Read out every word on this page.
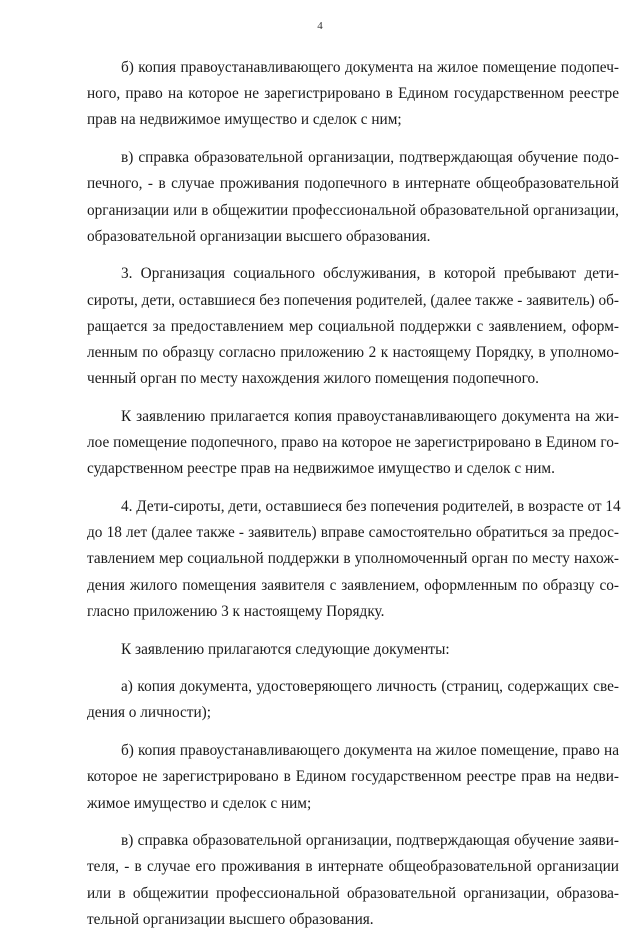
4

б) копия правоустанавливающего документа на жилое помещение подопеч-
ного, право на которое не зарегистрировано в Едином государственном реестре
прав на недвижимое имущество и сделок с ним;

в) справка образовательной организации, подтверждающая обучение подо-
печного, - в случае проживания подопечного в интернате общеобразовательной
организации или в общежитии профессиональной образовательной организации,
образовательной организации высшего образования.

3. Организация социального обслуживания, в которой пребывают дети-
сироты, дети, оставшиеся без попечения родителей, (далее также - заявитель) об-
ращается за предоставлением мер социальной поддержки с заявлением, оформ-
ленным по образцу согласно приложению 2 к настоящему Порядку, в уполномо-
ченный орган по месту нахождения жилого помещения подопечного.

К заявлению прилагается копия правоустанавливающего документа на жи-
лое помещение подопечного, право на которое не зарегистрировано в Едином го-
сударственном реестре прав на недвижимое имущество и сделок с ним.

4. Дети-сироты, дети, оставшиеся без попечения родителей, в возрасте от 14
до 18 лет (далее также - заявитель) вправе самостоятельно обратиться за предос-
тавлением мер социальной поддержки в уполномоченный орган по месту нахож-
дения жилого помещения заявителя с заявлением, оформленным по образцу со-
гласно приложению 3 к настоящему Порядку.

К заявлению прилагаются следующие документы:

а) копия документа, удостоверяющего личность (страниц, содержащих све-
дения о личности);

б) копия правоустанавливающего документа на жилое помещение, право на
которое не зарегистрировано в Едином государственном реестре прав на недви-
жимое имущество и сделок с ним;

в) справка образовательной организации, подтверждающая обучение заяви-
теля, - в случае его проживания в интернате общеобразовательной организации
или в общежитии профессиональной образовательной организации, образова-
тельной организации высшего образования.
